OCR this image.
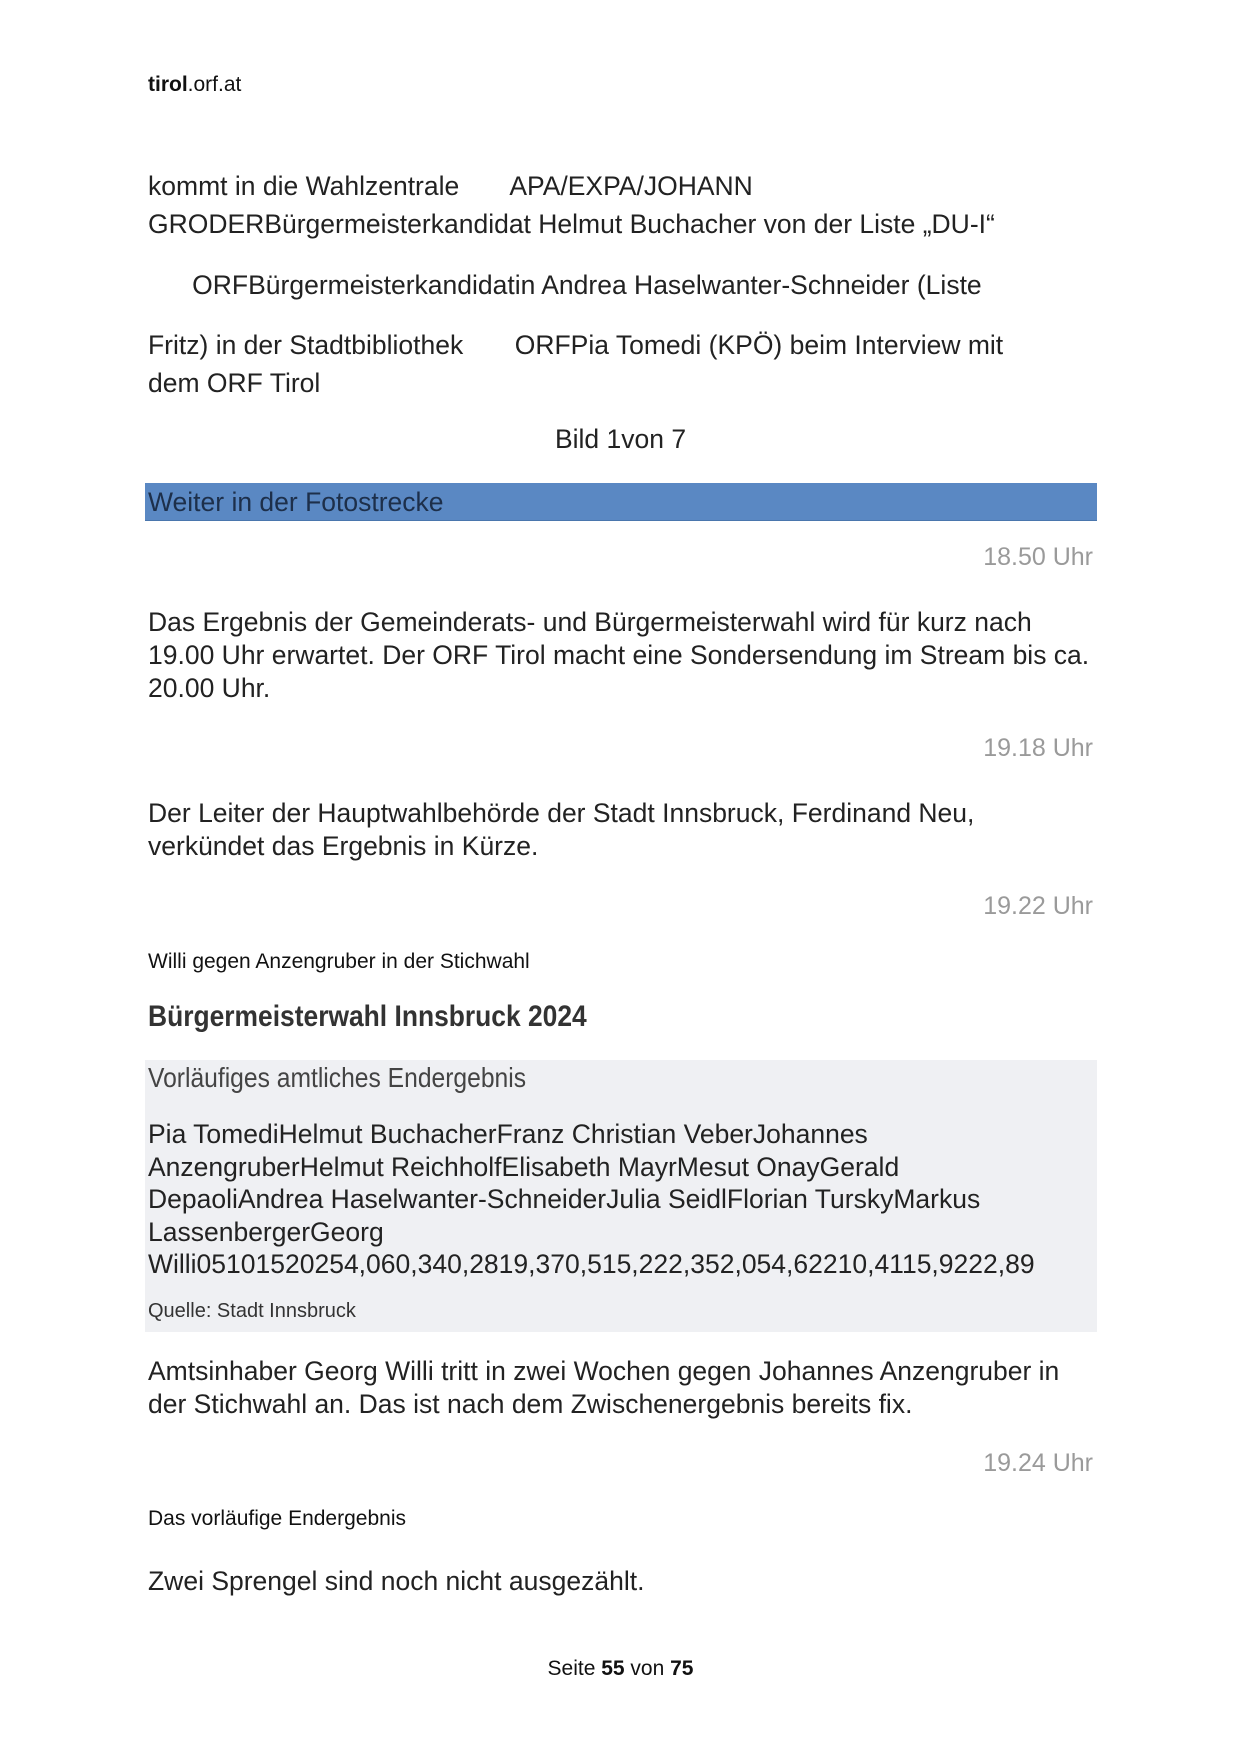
tirol.orf.at
kommt in die Wahlzentrale       APA/EXPA/JOHANN
GRODERBürgermeisterkandidat Helmut Buchacher von der Liste „DU-I“
ORFBürgermeisterkandidatin Andrea Haselwanter-Schneider (Liste
Fritz) in der Stadtbibliothek       ORFPia Tomedi (KPÖ) beim Interview mit
dem ORF Tirol
Bild 1von 7
Weiter in der Fotostrecke
18.50 Uhr
Das Ergebnis der Gemeinderats- und Bürgermeisterwahl wird für kurz nach 19.00 Uhr erwartet. Der ORF Tirol macht eine Sondersendung im Stream bis ca. 20.00 Uhr.
19.18 Uhr
Der Leiter der Hauptwahlbehörde der Stadt Innsbruck, Ferdinand Neu, verkündet das Ergebnis in Kürze.
19.22 Uhr
Willi gegen Anzengruber in der Stichwahl
Bürgermeisterwahl Innsbruck 2024
Vorläufiges amtliches Endergebnis
Pia TomediHelmut BuchacherFranz Christian VeberJohannes
AnzengruberHelmut ReichholfElisabeth MayrMesut OnayGerald
DepaoliAndrea Haselwanter-SchneiderJulia SeidlFlorian TurskyMarkus
LassenbergerGeorg
Willi05101520254,060,340,2819,370,515,222,352,054,62210,4115,9222,89
Quelle: Stadt Innsbruck
Amtsinhaber Georg Willi tritt in zwei Wochen gegen Johannes Anzengruber in der Stichwahl an. Das ist nach dem Zwischenergebnis bereits fix.
19.24 Uhr
Das vorläufige Endergebnis
Zwei Sprengel sind noch nicht ausgezählt.
Seite 55 von 75
